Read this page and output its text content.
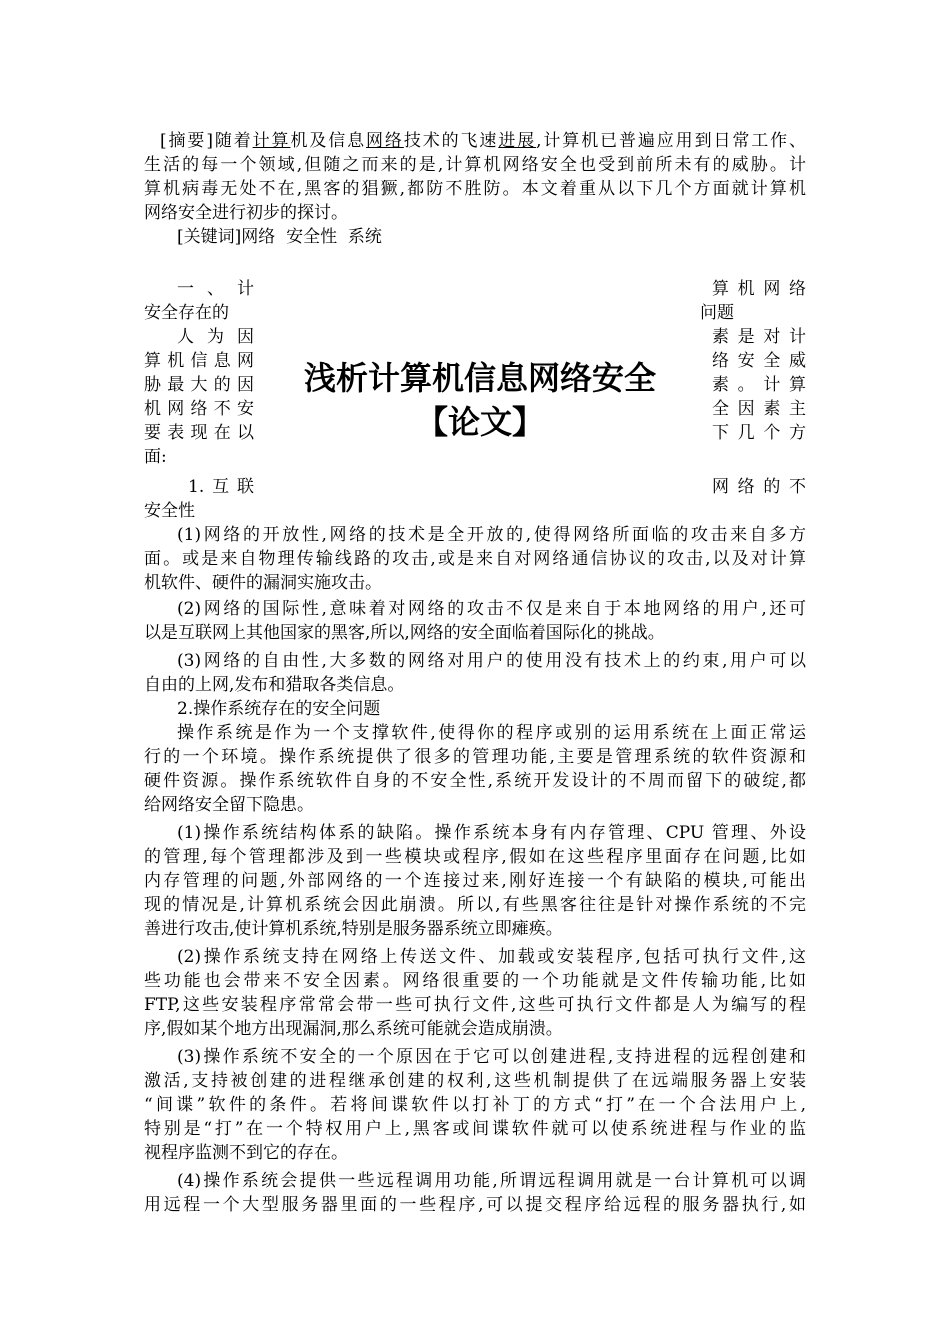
[摘要]随着计算机及信息网络技术的飞速进展,计算机已普遍应用到日常工作、
生活的每一个领域,但随之而来的是,计算机网络安全也受到前所未有的威胁。计
算机病毒无处不在,黑客的猖獗,都防不胜防。本文着重从以下几个方面就计算机
网络安全进行初步的探讨。
[关键词]网络  安全性  系统
一、计
安全存在的
人为因
算机信息网
胁最大的因
机网络不安
要表现在以
面:
1.互联
安全性
算机网络
问题
素是对计
络安全威
素。计算
全因素主
下几个方
网络的不
浅析计算机信息网络安全
【论文】
(1)网络的开放性,网络的技术是全开放的,使得网络所面临的攻击来自多方
面。或是来自物理传输线路的攻击,或是来自对网络通信协议的攻击,以及对计算
机软件、硬件的漏洞实施攻击。
(2)网络的国际性,意味着对网络的攻击不仅是来自于本地网络的用户,还可
以是互联网上其他国家的黑客,所以,网络的安全面临着国际化的挑战。
(3)网络的自由性,大多数的网络对用户的使用没有技术上的约束,用户可以
自由的上网,发布和猎取各类信息。
2.操作系统存在的安全问题
操作系统是作为一个支撑软件,使得你的程序或别的运用系统在上面正常运
行的一个环境。操作系统提供了很多的管理功能,主要是管理系统的软件资源和
硬件资源。操作系统软件自身的不安全性,系统开发设计的不周而留下的破绽,都
给网络安全留下隐患。
(1)操作系统结构体系的缺陷。操作系统本身有内存管理、CPU 管理、外设
的管理,每个管理都涉及到一些模块或程序,假如在这些程序里面存在问题,比如
内存管理的问题,外部网络的一个连接过来,刚好连接一个有缺陷的模块,可能出
现的情况是,计算机系统会因此崩溃。所以,有些黑客往往是针对操作系统的不完
善进行攻击,使计算机系统,特别是服务器系统立即瘫痪。
(2)操作系统支持在网络上传送文件、加载或安装程序,包括可执行文件,这
些功能也会带来不安全因素。网络很重要的一个功能就是文件传输功能,比如
FTP,这些安装程序常常会带一些可执行文件,这些可执行文件都是人为编写的程
序,假如某个地方出现漏洞,那么系统可能就会造成崩溃。
(3)操作系统不安全的一个原因在于它可以创建进程,支持进程的远程创建和
激活,支持被创建的进程继承创建的权利,这些机制提供了在远端服务器上安装
“间谍”软件的条件。若将间谍软件以打补丁的方式“打”在一个合法用户上,
特别是“打”在一个特权用户上,黑客或间谍软件就可以使系统进程与作业的监
视程序监测不到它的存在。
(4)操作系统会提供一些远程调用功能,所谓远程调用就是一台计算机可以调
用远程一个大型服务器里面的一些程序,可以提交程序给远程的服务器执行,如
